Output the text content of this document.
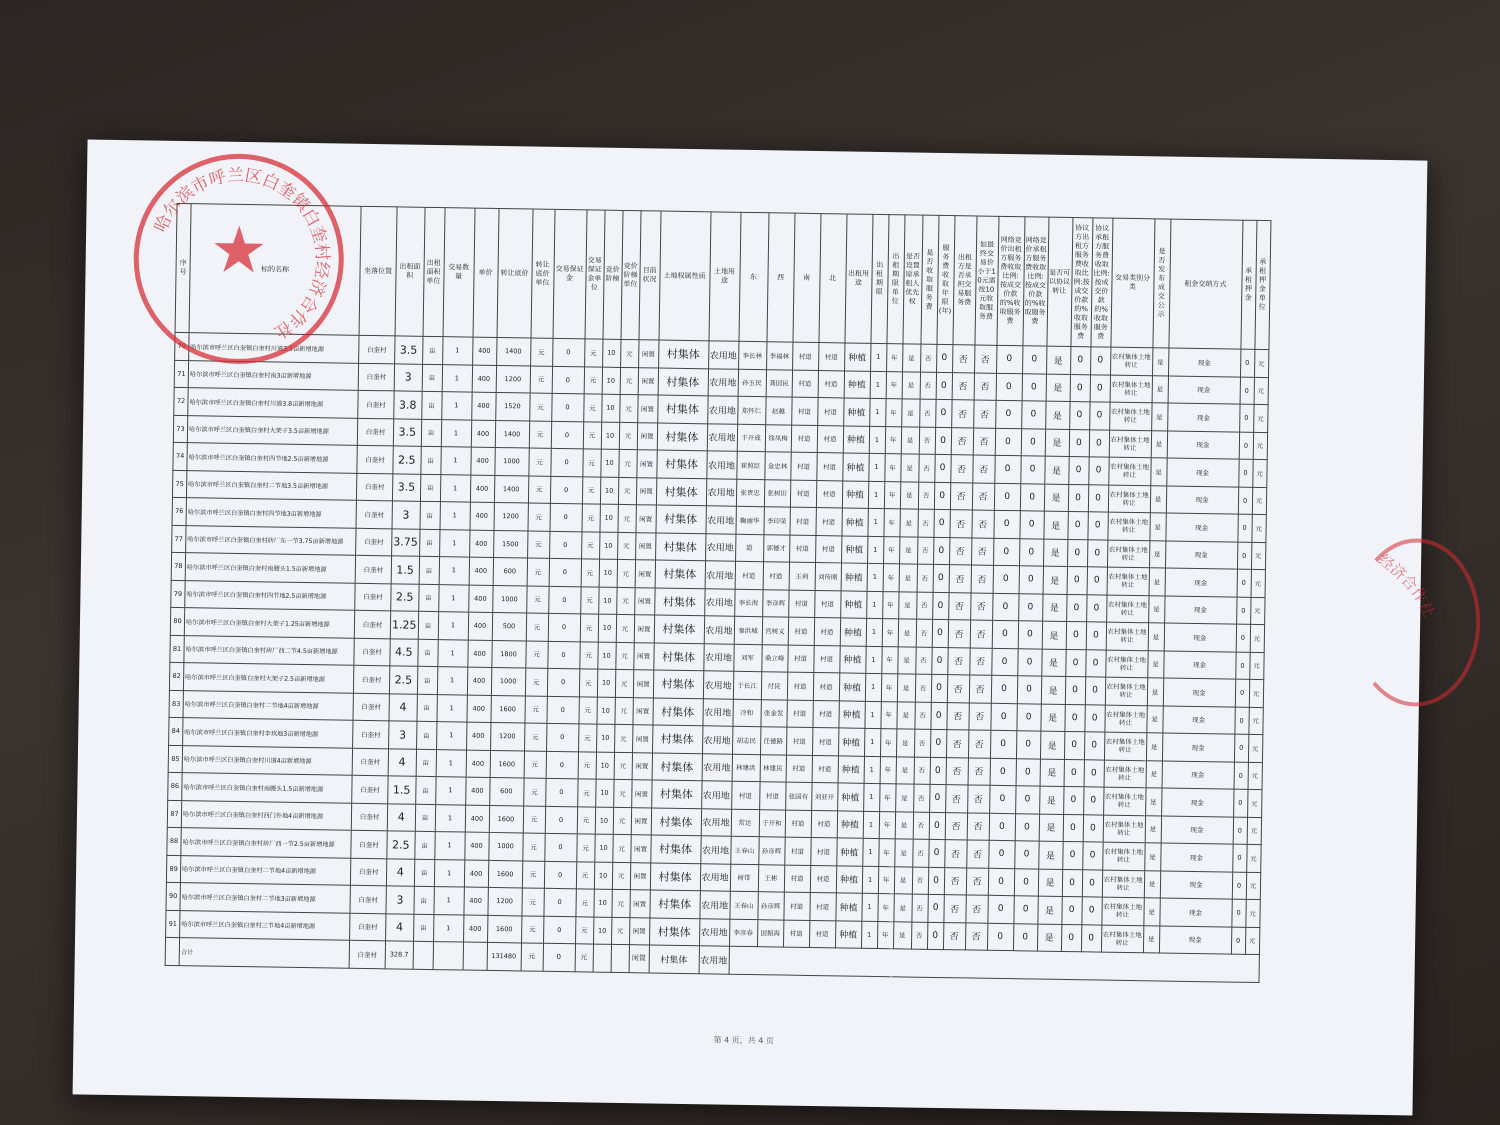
序号	标的名称	坐落位置	出租面积	出租面积单位	交易数量	单价	转让底价	转让底价单位	交易保证金	交易保证金单位	竞价阶梯	竞价阶梯单位	目前状况	土地权属性质	土地用途	东	西	南	北	出租用途	出租期限	出租期限单位	是否设置原承租人优先权	是否收取服务费	服务费收取年限(年)	出租方是否承担交易服务费	如最终交易价小于10元需按10元收取服务费	网络竞价出租方服务费收取比例:按成交价款的%收取服务费	网络竞价承租方服务费收取比例:按成交价款的%收取服务费	是否可以协议转让	协议方出租方服务费收取比例:按成交价款的%收取服务费	协议承租方服务费收取比例:按成交价款的%收取服务费	交易类别分类	是否发布成交公示	租金交纳方式	承租押金	承租押金单位
70	哈尔滨市呼兰区白奎镇白奎村川道3.5亩新增地源	白奎村	3.5	亩	1	400	1400	元	0	元	10	元	闲置	村集体	农用地	李长林	李福林	村道	村道	种植	1	年	是	否	0	否	否	0	0	是	0	0	农村集体土地转让	是	现金	0	元
71	哈尔滨市呼兰区白奎镇白奎村南3亩新增地源	白奎村	3	亩	1	400	1200	元	0	元	10	元	闲置	村集体	农用地	孙玉民	龚国民	村道	村道	种植	1	年	是	否	0	否	否	0	0	是	0	0	农村集体土地转让	是	现金	0	元
72	哈尔滨市呼兰区白奎镇白奎村川道3.8亩新增地源	白奎村	3.8	亩	1	400	1520	元	0	元	10	元	闲置	村集体	农用地	郑怀仁	赵越	村道	村道	种植	1	年	是	否	0	否	否	0	0	是	0	0	农村集体土地转让	是	现金	0	元
73	哈尔滨市呼兰区白奎镇白奎村大架子3.5亩新增地源	白奎村	3.5	亩	1	400	1400	元	0	元	10	元	闲置	村集体	农用地	于开成	徐凤梅	村道	村道	种植	1	年	是	否	0	否	否	0	0	是	0	0	农村集体土地转让	是	现金	0	元
74	哈尔滨市呼兰区白奎镇白奎村四节地2.5亩新增地源	白奎村	2.5	亩	1	400	1000	元	0	元	10	元	闲置	村集体	农用地	崔照臣	金忠林	村道	村道	种植	1	年	是	否	0	否	否	0	0	是	0	0	农村集体土地转让	是	现金	0	元
75	哈尔滨市呼兰区白奎镇白奎村二节地3.5亩新增地源	白奎村	3.5	亩	1	400	1400	元	0	元	10	元	闲置	村集体	农用地	张贵忠	张树田	村道	村道	种植	1	年	是	否	0	否	否	0	0	是	0	0	农村集体土地转让	是	现金	0	元
76	哈尔滨市呼兰区白奎镇白奎村四节地3亩新增地源	白奎村	3	亩	1	400	1200	元	0	元	10	元	闲置	村集体	农用地	鞠丽华	李印荣	村道	村道	种植	1	年	是	否	0	否	否	0	0	是	0	0	农村集体土地转让	是	现金	0	元
77	哈尔滨市呼兰区白奎镇白奎村砖厂东一节3.75亩新增地源	白奎村	3.75	亩	1	400	1500	元	0	元	10	元	闲置	村集体	农用地	道	郭德才	村道	村道	种植	1	年	是	否	0	否	否	0	0	是	0	0	农村集体土地转让	是	现金	0	元
78	哈尔滨市呼兰区白奎镇白奎村南腰头1.5亩新增地源	白奎村	1.5	亩	1	400	600	元	0	元	10	元	闲置	村集体	农用地	村道	村道	王利	刘传刚	种植	1	年	是	否	0	否	否	0	0	是	0	0	农村集体土地转让	是	现金	0	元
79	哈尔滨市呼兰区白奎镇白奎村四节地2.5亩新增地源	白奎村	2.5	亩	1	400	1000	元	0	元	10	元	闲置	村集体	农用地	李长海	李彦辉	村道	村道	种植	1	年	是	否	0	否	否	0	0	是	0	0	农村集体土地转让	是	现金	0	元
80	哈尔滨市呼兰区白奎镇白奎村大架子1.25亩新增地源	白奎村	1.25	亩	1	400	500	元	0	元	10	元	闲置	村集体	农用地	秦洪城	宫树义	村道	村道	种植	1	年	是	否	0	否	否	0	0	是	0	0	农村集体土地转让	是	现金	0	元
81	哈尔滨市呼兰区白奎镇白奎村砖厂西二节4.5亩新增地源	白奎村	4.5	亩	1	400	1800	元	0	元	10	元	闲置	村集体	农用地	刘军	桑立峰	村道	村道	种植	1	年	是	否	0	否	否	0	0	是	0	0	农村集体土地转让	是	现金	0	元
82	哈尔滨市呼兰区白奎镇白奎村大架子2.5亩新增地源	白奎村	2.5	亩	1	400	1000	元	0	元	10	元	闲置	村集体	农用地	于长江	付民	村道	村道	种植	1	年	是	否	0	否	否	0	0	是	0	0	农村集体土地转让	是	现金	0	元
83	哈尔滨市呼兰区白奎镇白奎村二节地4亩新增地源	白奎村	4	亩	1	400	1600	元	0	元	10	元	闲置	村集体	农用地	冷和	张金发	村道	村道	种植	1	年	是	否	0	否	否	0	0	是	0	0	农村集体土地转让	是	现金	0	元
84	哈尔滨市呼兰区白奎镇白奎村李玫地3亩新增地源	白奎村	3	亩	1	400	1200	元	0	元	10	元	闲置	村集体	农用地	胡志民	任德路	村道	村道	种植	1	年	是	否	0	否	否	0	0	是	0	0	农村集体土地转让	是	现金	0	元
85	哈尔滨市呼兰区白奎镇白奎村川道4亩新增地源	白奎村	4	亩	1	400	1600	元	0	元	10	元	闲置	村集体	农用地	林建洪	林建民	村道	村道	种植	1	年	是	否	0	否	否	0	0	是	0	0	农村集体土地转让	是	现金	0	元
86	哈尔滨市呼兰区白奎镇白奎村南腰头1.5亩新增地源	白奎村	1.5	亩	1	400	600	元	0	元	10	元	闲置	村集体	农用地	村道	村道	张国有	刘亚开	种植	1	年	是	否	0	否	否	0	0	是	0	0	农村集体土地转让	是	现金	0	元
87	哈尔滨市呼兰区白奎镇白奎村西门外地4亩新增地源	白奎村	4	亩	1	400	1600	元	0	元	10	元	闲置	村集体	农用地	常达	于开和	村道	村道	种植	1	年	是	否	0	否	否	0	0	是	0	0	农村集体土地转让	是	现金	0	元
88	哈尔滨市呼兰区白奎镇白奎村砖厂西一节2.5亩新增地源	白奎村	2.5	亩	1	400	1000	元	0	元	10	元	闲置	村集体	农用地	王春山	孙彦辉	村道	村道	种植	1	年	是	否	0	否	否	0	0	是	0	0	农村集体土地转让	是	现金	0	元
89	哈尔滨市呼兰区白奎镇白奎村二节地4亩新增地源	白奎村	4	亩	1	400	1600	元	0	元	10	元	闲置	村集体	农用地	树带	王彬	村道	村道	种植	1	年	是	否	0	否	否	0	0	是	0	0	农村集体土地转让	是	现金	0	元
90	哈尔滨市呼兰区白奎镇白奎村二节地3亩新增地源	白奎村	3	亩	1	400	1200	元	0	元	10	元	闲置	村集体	农用地	王春山	孙彦辉	村道	村道	种植	1	年	是	否	0	否	否	0	0	是	0	0	农村集体土地转让	是	现金	0	元
91	哈尔滨市呼兰区白奎镇白奎村三节地4亩新增地源	白奎村	4	亩	1	400	1600	元	0	元	10	元	闲置	村集体	农用地	李彦春	国振海	村道	村道	种植	1	年	是	否	0	否	否	0	0	是	0	0	农村集体土地转让	是	现金	0	元
	合计	白奎村	328.7				131480	元	0	元			闲置	村集体	农用地																						
哈尔滨市呼兰区白奎镇白奎村经济合作社
★
经济合作社
第 4 页，共 4 页
